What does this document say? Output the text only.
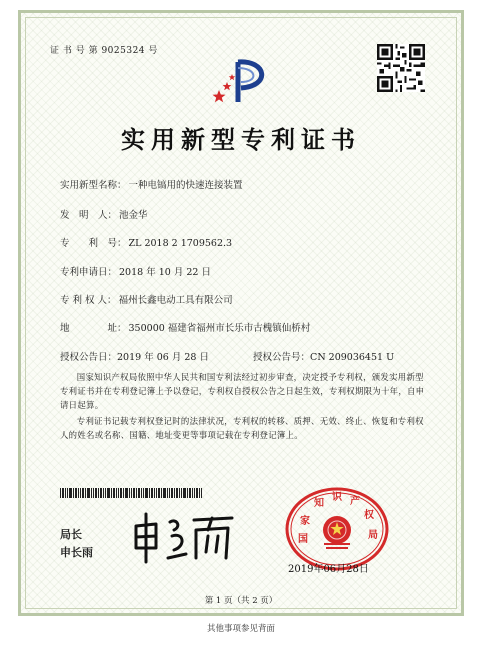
证 书 号 第 9025324 号
实用新型专利证书
实用新型名称： 一种电镐用的快速连接装置
发　明　人： 池金华
专　　利　号： ZL 2018 2 1709562.3
专利申请日： 2018 年 10 月 22 日
专 利 权 人： 福州长鑫电动工具有限公司
地　　　　址： 350000 福建省福州市长乐市古槐镇仙桥村
授权公告日：2019 年 06 月 28 日	授权公告号：CN 209036451 U
国家知识产权局依照中华人民共和国专利法经过初步审查，决定授予专利权，颁发实用新型专利证书并在专利登记簿上予以登记，专利权自授权公告之日起生效，专利权期限为十年，自申请日起算。
专利证书记载专利权登记时的法律状况，专利权的转移、质押、无效、终止、恢复和专利权人的姓名或名称、国籍、地址变更等事项记载在专利登记簿上。
局长
申长雨
国
家
知
识 产
权
局
2019年06月28日
第 1 页（共 2 页）
其他事项参见背面
